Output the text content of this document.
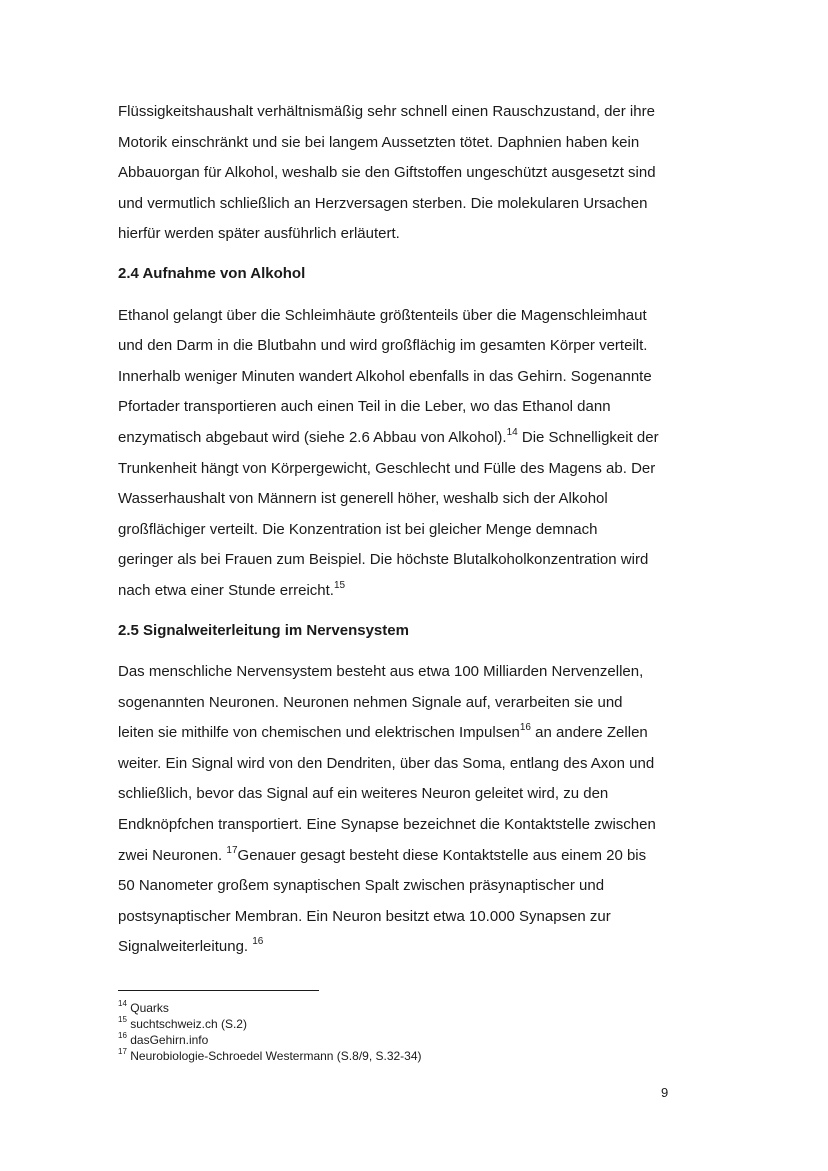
Flüssigkeitshaushalt verhältnismäßig sehr schnell einen Rauschzustand, der ihre
Motorik einschränkt und sie bei langem Aussetzten tötet. Daphnien haben kein
Abbauorgan für Alkohol, weshalb sie den Giftstoffen ungeschützt ausgesetzt sind
und vermutlich schließlich an Herzversagen sterben. Die molekularen Ursachen
hierfür werden später ausführlich erläutert.

2.4 Aufnahme von Alkohol

Ethanol gelangt über die Schleimhäute größtenteils über die Magenschleimhaut
und den Darm in die Blutbahn und wird großflächig im gesamten Körper verteilt.
Innerhalb weniger Minuten wandert Alkohol ebenfalls in das Gehirn. Sogenannte
Pfortader transportieren auch einen Teil in die Leber, wo das Ethanol dann
enzymatisch abgebaut wird (siehe 2.6 Abbau von Alkohol).$^{14}$ Die Schnelligkeit der
Trunkenheit hängt von Körpergewicht, Geschlecht und Fülle des Magens ab. Der
Wasserhaushalt von Männern ist generell höher, weshalb sich der Alkohol
großflächiger verteilt. Die Konzentration ist bei gleicher Menge demnach
geringer als bei Frauen zum Beispiel. Die höchste Blutalkoholkonzentration wird
nach etwa einer Stunde erreicht.$^{15}$

2.5 Signalweiterleitung im Nervensystem

Das menschliche Nervensystem besteht aus etwa 100 Milliarden Nervenzellen,
sogenannten Neuronen. Neuronen nehmen Signale auf, verarbeiten sie und
leiten sie mithilfe von chemischen und elektrischen Impulsen$^{16}$ an andere Zellen
weiter. Ein Signal wird von den Dendriten, über das Soma, entlang des Axon und
schließlich, bevor das Signal auf ein weiteres Neuron geleitet wird, zu den
Endknöpfchen transportiert. Eine Synapse bezeichnet die Kontaktstelle zwischen
zwei Neuronen. $^{17}$Genauer gesagt besteht diese Kontaktstelle aus einem 20 bis
50 Nanometer großem synaptischen Spalt zwischen präsynaptischer und
postsynaptischer Membran. Ein Neuron besitzt etwa 10.000 Synapsen zur
Signalweiterleitung. $^{16}$

$^{14}$ Quarks

$^{15}$ suchtschweiz.ch (S.2)

$^{16}$ dasGehirn.info

$^{17}$ Neurobiologie-Schroedel Westermann (S.8/9, S.32-34)

9
